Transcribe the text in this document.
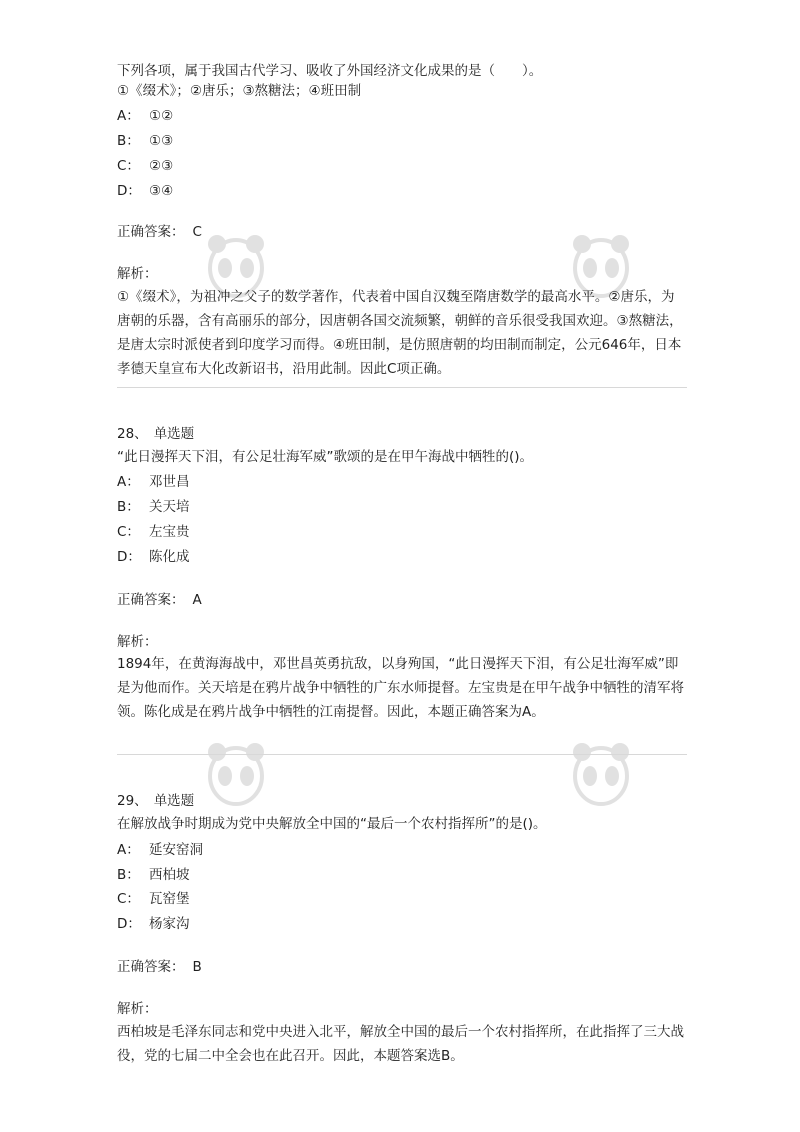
下列各项，属于我国古代学习、吸收了外国经济文化成果的是（　　）。
①《缀术》；②唐乐；③熬糖法；④班田制
A： ①②
B： ①③
C： ②③
D： ③④
正确答案： C
解析：
①《缀术》，为祖冲之父子的数学著作，代表着中国自汉魏至隋唐数学的最高水平。②唐乐，为唐朝的乐器，含有高丽乐的部分，因唐朝各国交流频繁，朝鲜的音乐很受我国欢迎。③熬糖法，是唐太宗时派使者到印度学习而得。④班田制，是仿照唐朝的均田制而制定，公元646年，日本孝德天皇宣布大化改新诏书，沿用此制。因此C项正确。
28、 单选题
“此日漫挥天下泪，有公足壮海军威”歌颂的是在甲午海战中牺牲的()。
A： 邓世昌
B： 关天培
C： 左宝贵
D： 陈化成
正确答案： A
解析：
1894年，在黄海海战中，邓世昌英勇抗敌，以身殉国，“此日漫挥天下泪，有公足壮海军威”即是为他而作。关天培是在鸦片战争中牺牲的广东水师提督。左宝贵是在甲午战争中牺牲的清军将领。陈化成是在鸦片战争中牺牲的江南提督。因此，本题正确答案为A。
29、 单选题
在解放战争时期成为党中央解放全中国的“最后一个农村指挥所”的是()。
A： 延安窑洞
B： 西柏坡
C： 瓦窑堡
D： 杨家沟
正确答案： B
解析：
西柏坡是毛泽东同志和党中央进入北平，解放全中国的最后一个农村指挥所，在此指挥了三大战役，党的七届二中全会也在此召开。因此，本题答案选B。
